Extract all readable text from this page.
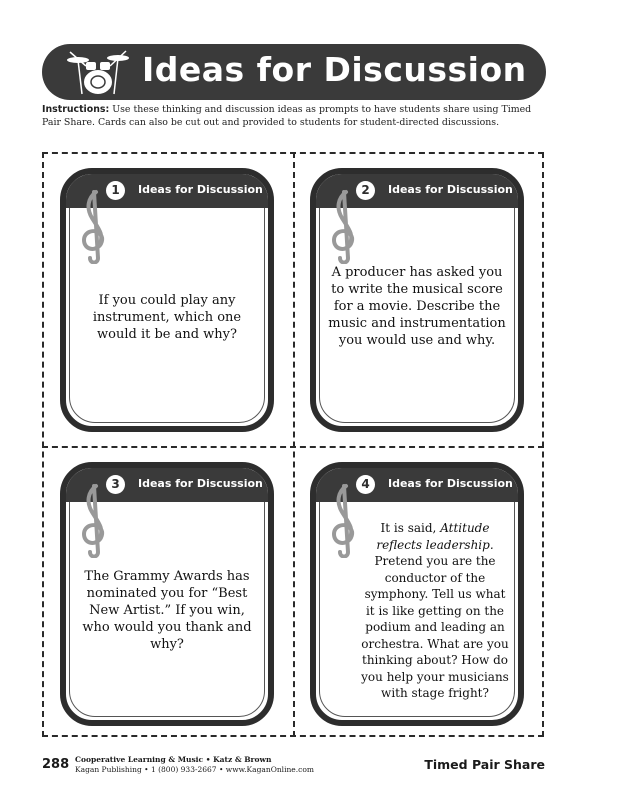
Ideas for Discussion
Instructions: Use these thinking and discussion ideas as prompts to have students share using Timed Pair Share. Cards can also be cut out and provided to students for student-directed discussions.
1	Ideas for Discussion
If you could play any instrument, which one would it be and why?
2	Ideas for Discussion
A producer has asked you to write the musical score for a movie. Describe the music and instrumentation you would use and why.
3	Ideas for Discussion
The Grammy Awards has nominated you for “Best New Artist.” If you win, who would you thank and why?
4	Ideas for Discussion
It is said, Attitude reflects leadership. Pretend you are the conductor of the symphony. Tell us what it is like getting on the podium and leading an orchestra. What are you thinking about? How do you help your musicians with stage fright?
288 Cooperative Learning & Music • Katz & Brown
Kagan Publishing • 1 (800) 933-2667 • www.KaganOnline.com	Timed Pair Share
